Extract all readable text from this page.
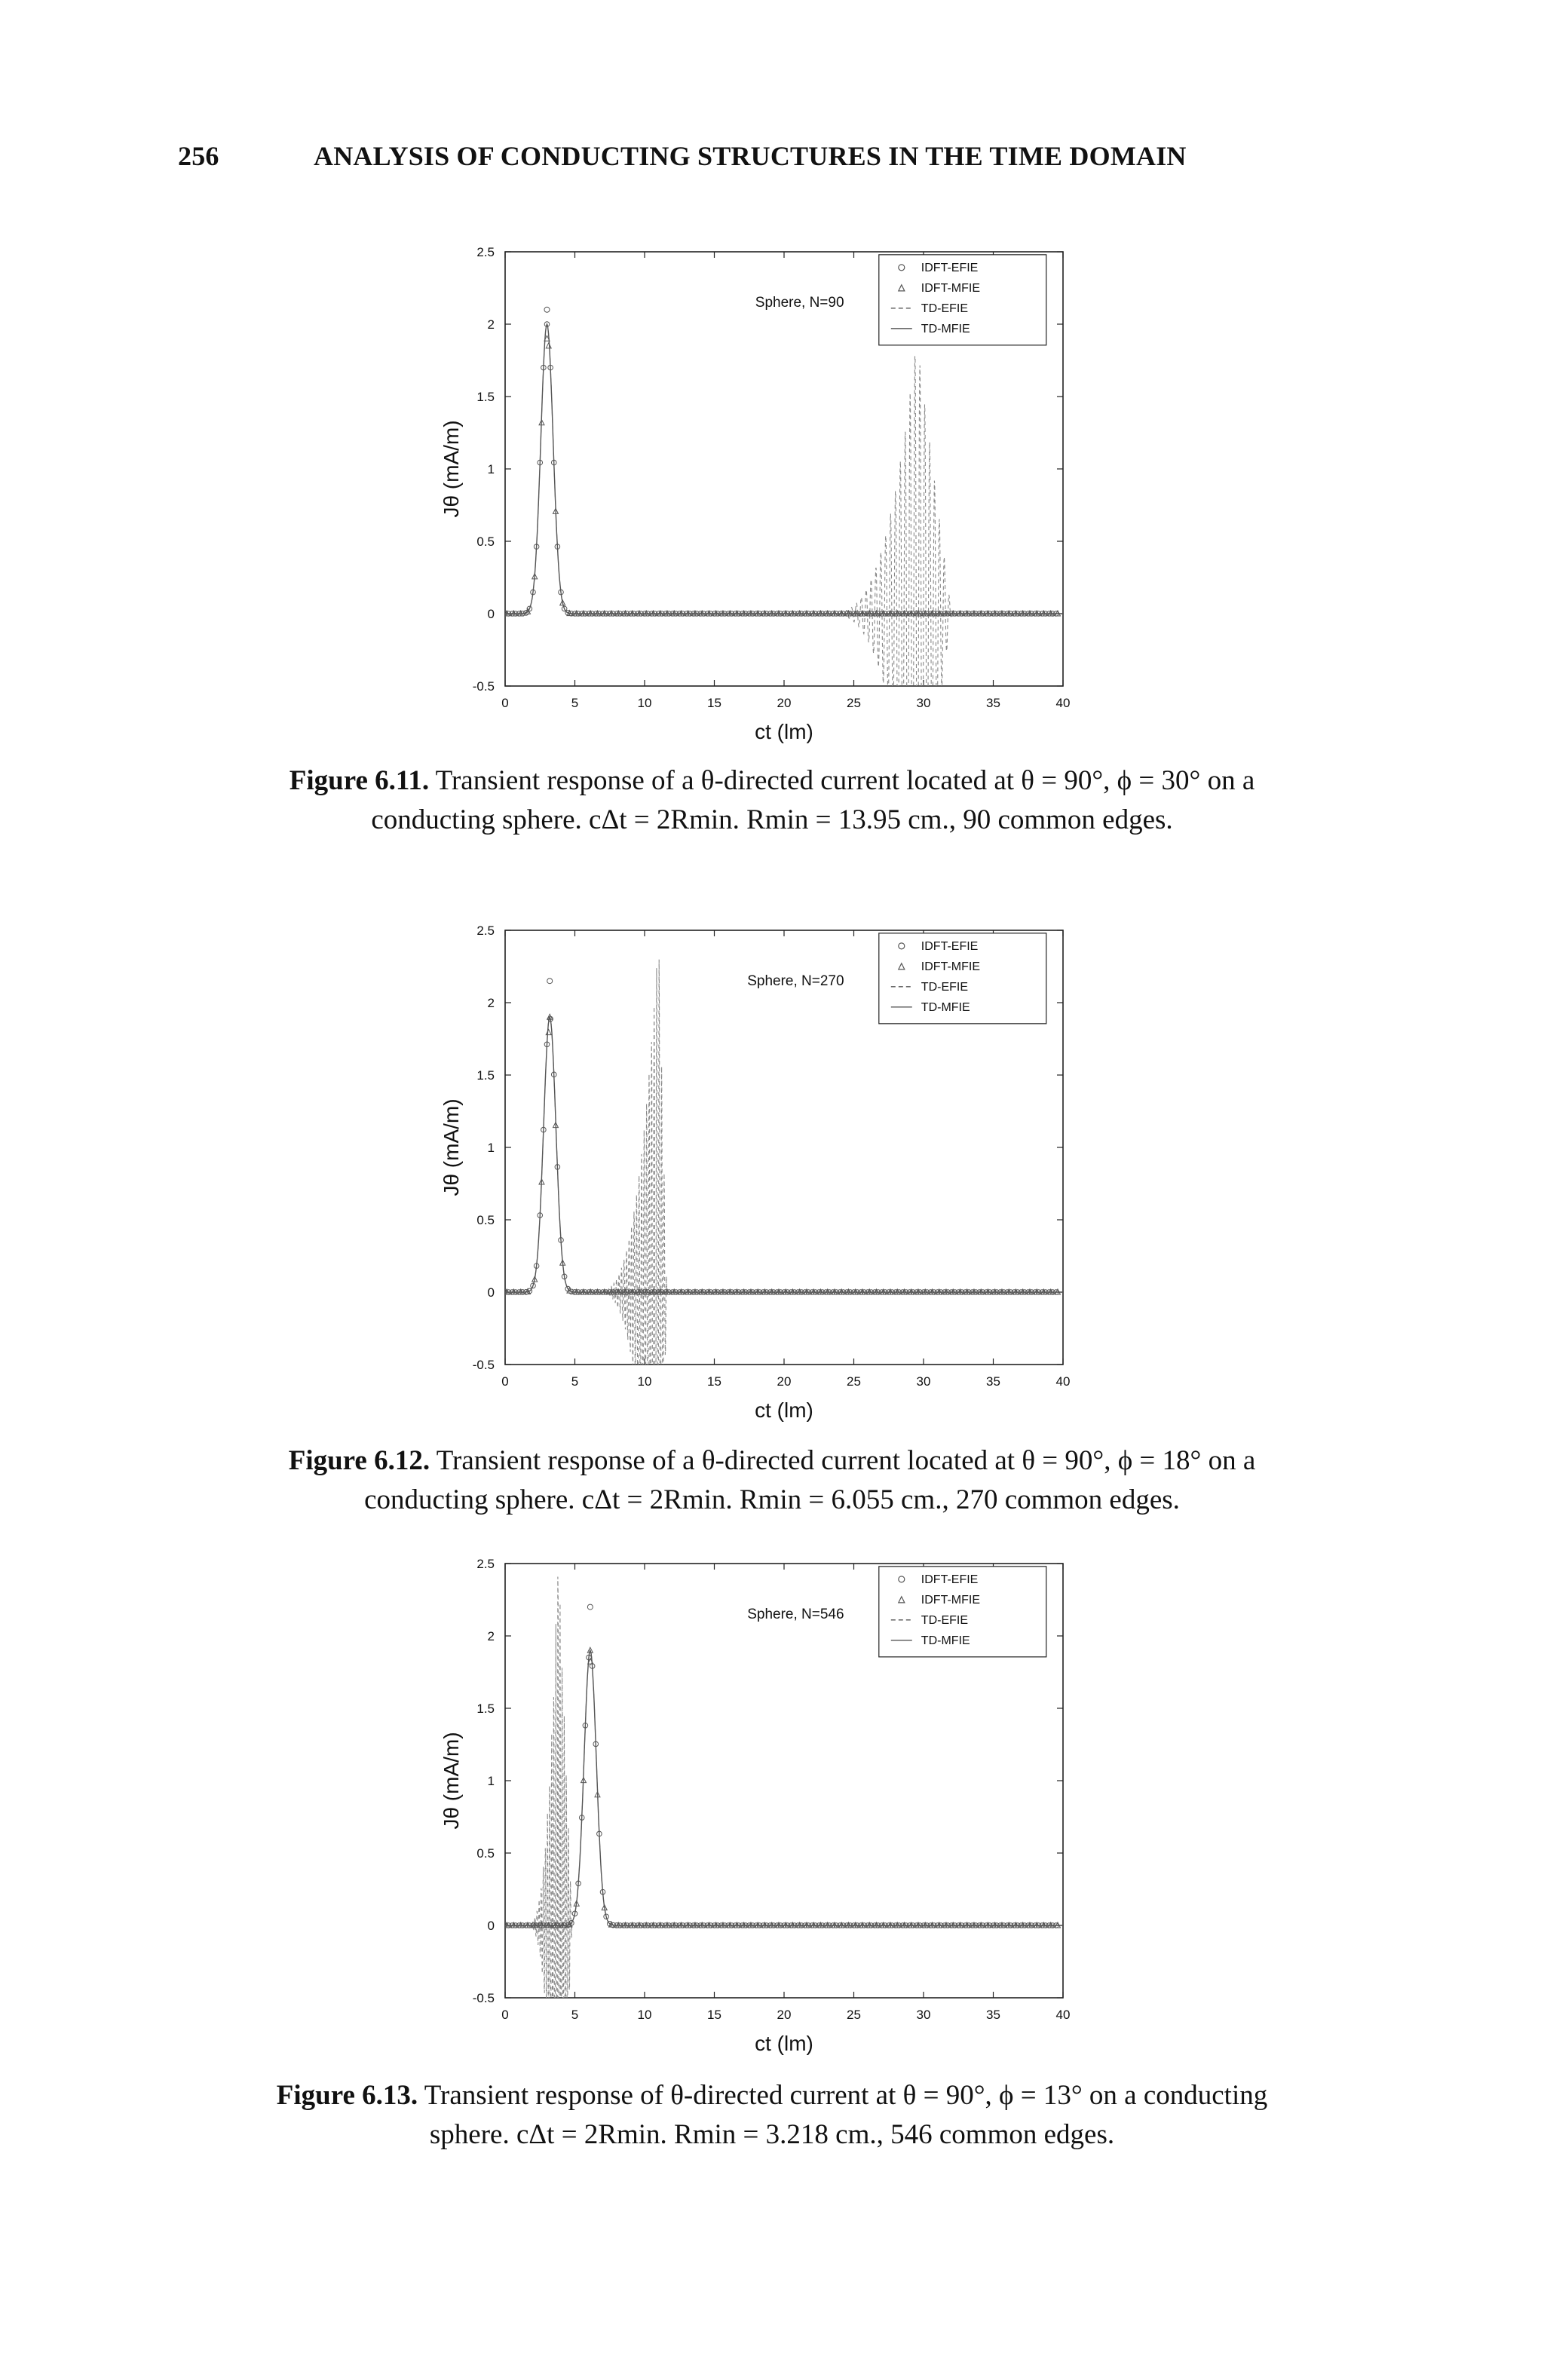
256	ANALYSIS OF CONDUCTING STRUCTURES IN THE TIME DOMAIN
0	5	10	15	20	25	30	35	40
-0.5
0
0.5
1
1.5
2
2.5
ct (lm)
Jθ (mA/m)
Sphere, N=90
IDFT-EFIE
IDFT-MFIE
TD-EFIE
TD-MFIE
Figure 6.11. Transient response of a θ-directed current located at θ = 90°, ϕ = 30° on a
conducting sphere. cΔt = 2Rmin. Rmin = 13.95 cm., 90 common edges.
0	5	10	15	20	25	30	35	40
-0.5
0
0.5
1
1.5
2
2.5
ct (lm)
Jθ (mA/m)
Sphere, N=270
IDFT-EFIE
IDFT-MFIE
TD-EFIE
TD-MFIE
Figure 6.12. Transient response of a θ-directed current located at θ = 90°, ϕ = 18° on a
conducting sphere. cΔt = 2Rmin. Rmin = 6.055 cm., 270 common edges.
0	5	10	15	20	25	30	35	40
-0.5
0
0.5
1
1.5
2
2.5
ct (lm)
Jθ (mA/m)
Sphere, N=546
IDFT-EFIE
IDFT-MFIE
TD-EFIE
TD-MFIE
Figure 6.13. Transient response of θ-directed current at θ = 90°, ϕ = 13° on a conducting
sphere. cΔt = 2Rmin. Rmin = 3.218 cm., 546 common edges.
